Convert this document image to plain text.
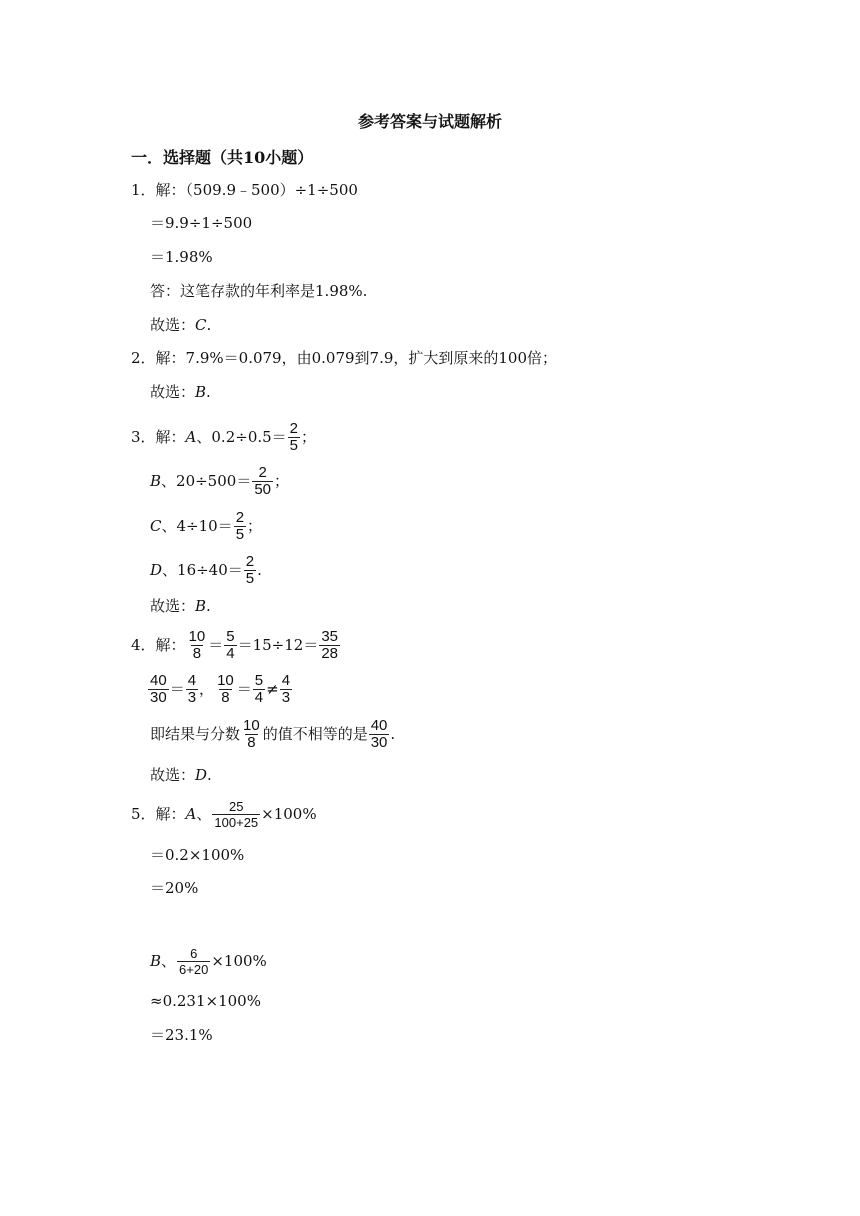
参考答案与试题解析
一．选择题（共10小题）
1．解：（509.9﹣500）÷1÷500
＝9.9÷1÷500
＝1.98%
答：这笔存款的年利率是1.98%.
故选： C .
2．解：7.9%＝0.079，由0.079到7.9，扩大到原来的100倍；
故选： B .
3．解： A 、$0.2\div 0.5= \frac{2}{5}$ ；
B 、$20\div 500= \frac{2}{50}$ ；
C 、$4\div 10= \frac{2}{5}$ ；
D 、$16\div 40= \frac{2}{5}$ .
故选： B .
4．解： $\frac{10}{8} = \frac{5}{4} =15\div 12= \frac{35}{28}$
$\frac{40}{30} = \frac{4}{3}$ ， $\frac{10}{8} = \frac{5}{4} \ne \frac{4}{3}$
即结果与分数 $\frac{10}{8}$ 的值不相等的是 $\frac{40}{30}$ .
故选： D .
5．解： A 、 $\frac{25}{100+25} \times 100\%$
＝0.2×100%
＝20%
B 、 $\frac{6}{6+20} \times 100\%$
≈0.231×100%
＝23.1%
